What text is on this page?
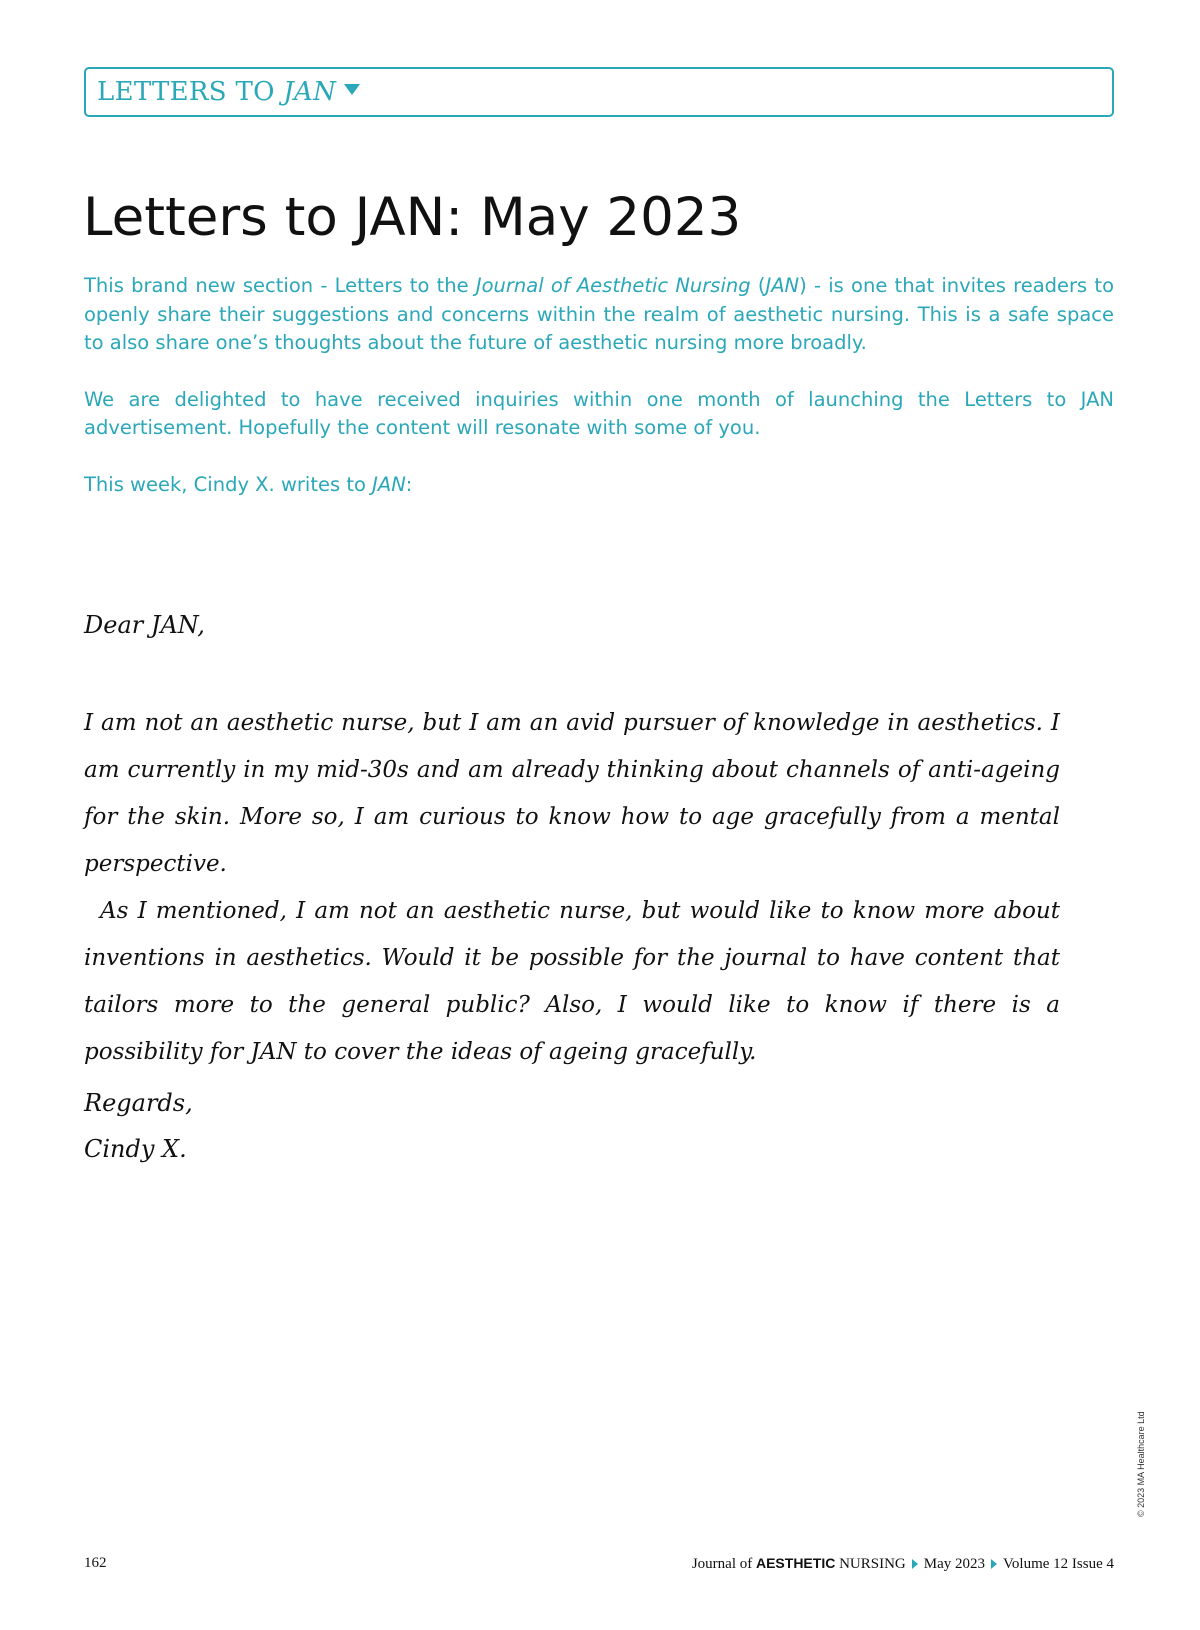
LETTERS TO JAN
Letters to JAN: May 2023

This brand new section - Letters to the Journal of Aesthetic Nursing (JAN) - is one that invites readers to openly share their suggestions and concerns within the realm of aesthetic nursing. This is a safe space to also share one’s thoughts about the future of aesthetic nursing more broadly.

We are delighted to have received inquiries within one month of launching the Letters to JAN advertisement. Hopefully the content will resonate with some of you.

This week, Cindy X. writes to JAN:

Dear JAN,

I am not an aesthetic nurse, but I am an avid pursuer of knowledge in aesthetics. I am currently in my mid-30s and am already thinking about channels of anti-ageing for the skin. More so, I am curious to know how to age gracefully from a mental perspective.

As I mentioned, I am not an aesthetic nurse, but would like to know more about inventions in aesthetics. Would it be possible for the journal to have content that tailors more to the general public? Also, I would like to know if there is a possibility for JAN to cover the ideas of ageing gracefully.

Regards,
Cindy X.
© 2023 MA Healthcare Ltd
162	Journal of AESTHETIC NURSING May 2023 Volume 12 Issue 4
